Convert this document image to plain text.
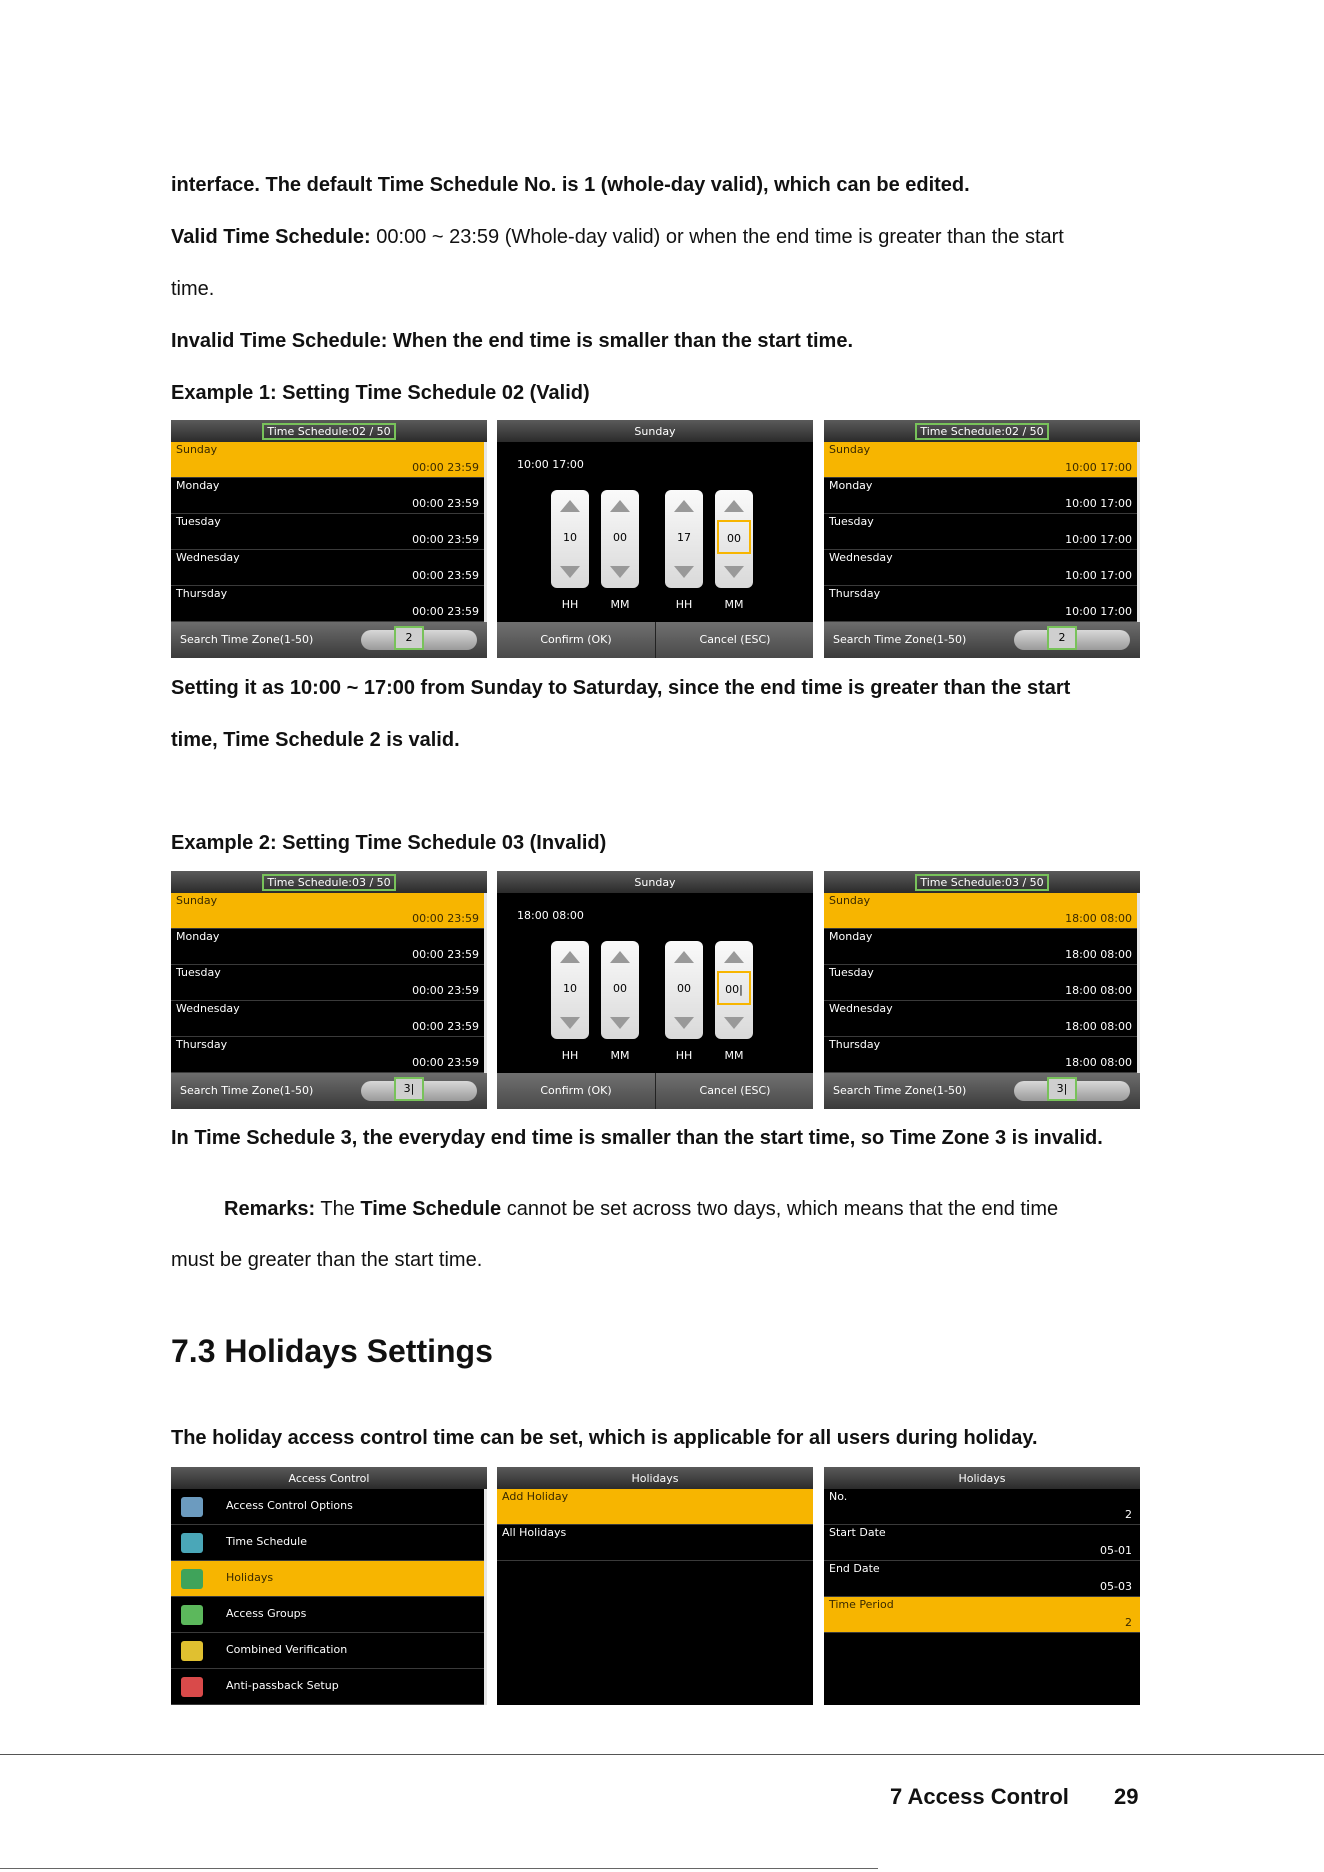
interface. The default Time Schedule No. is 1 (whole-day valid), which can be edited.

Valid Time Schedule: 00:00 ~ 23:59 (Whole-day valid) or when the end time is greater than the start

time.

Invalid Time Schedule: When the end time is smaller than the start time.

Example 1: Setting Time Schedule 02 (Valid)

Time Schedule:02 / 50
Sunday
00:00 23:59
Monday
00:00 23:59
Tuesday
00:00 23:59
Wednesday
00:00 23:59
Thursday
00:00 23:59
Search Time Zone(1-50)	2
Sunday
10:00 17:00
10	00	17	00
HH	MM	HH	MM
Confirm (OK)	Cancel (ESC)
Time Schedule:02 / 50
Sunday
10:00 17:00
Monday
10:00 17:00
Tuesday
10:00 17:00
Wednesday
10:00 17:00
Thursday
10:00 17:00
Search Time Zone(1-50)	2

Setting it as 10:00 ~ 17:00 from Sunday to Saturday, since the end time is greater than the start

time, Time Schedule 2 is valid.

Example 2: Setting Time Schedule 03 (Invalid)

Time Schedule:03 / 50
Sunday
00:00 23:59
Monday
00:00 23:59
Tuesday
00:00 23:59
Wednesday
00:00 23:59
Thursday
00:00 23:59
Search Time Zone(1-50)	3|
Sunday
18:00 08:00
10	00	00	00|
HH	MM	HH	MM
Confirm (OK)	Cancel (ESC)
Time Schedule:03 / 50
Sunday
18:00 08:00
Monday
18:00 08:00
Tuesday
18:00 08:00
Wednesday
18:00 08:00
Thursday
18:00 08:00
Search Time Zone(1-50)	3|

In Time Schedule 3, the everyday end time is smaller than the start time, so Time Zone 3 is invalid.

Remarks: The Time Schedule cannot be set across two days, which means that the end time

must be greater than the start time.

7.3 Holidays Settings

The holiday access control time can be set, which is applicable for all users during holiday.

Access Control
Access Control Options
Time Schedule
Holidays
Access Groups
Combined Verification
Anti-passback Setup
Holidays
Add Holiday
All Holidays
Holidays
No.
2
Start Date
05-01
End Date
05-03
Time Period
2
7 Access Control 29
